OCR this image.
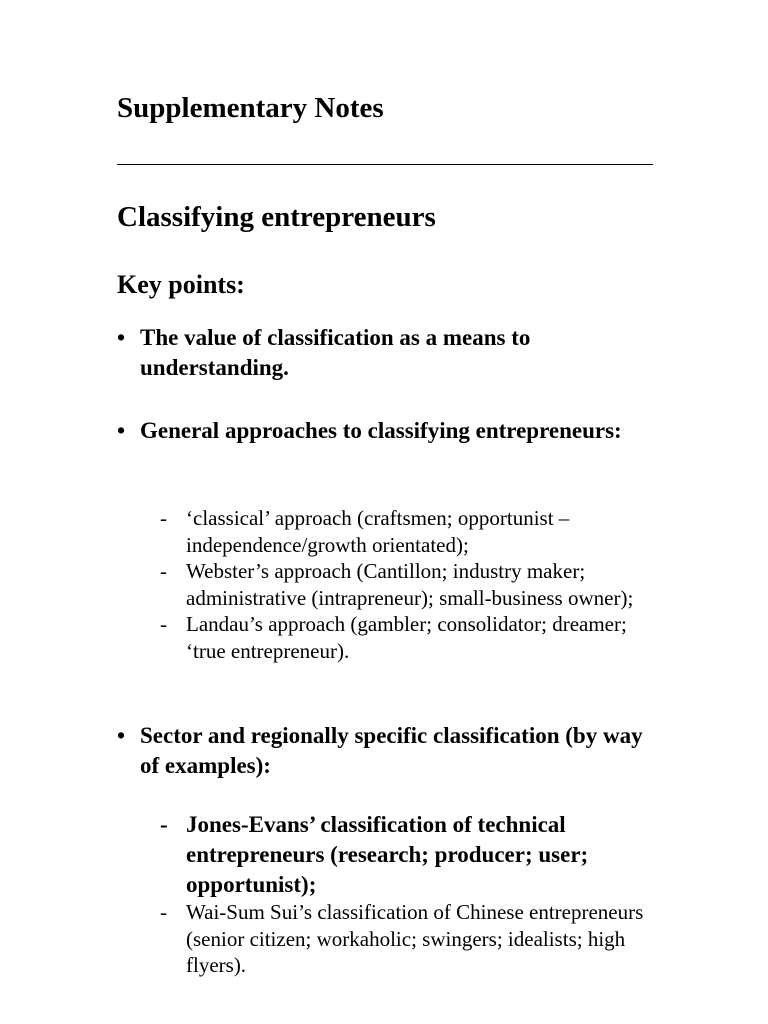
Supplementary Notes
Classifying entrepreneurs
Key points:
• The value of classification as a means to understanding.
• General approaches to classifying entrepreneurs:
- ‘classical’ approach (craftsmen; opportunist – independence/growth orientated);
- Webster’s approach (Cantillon; industry maker; administrative (intrapreneur); small-business owner);
- Landau’s approach (gambler; consolidator; dreamer; ‘true entrepreneur).
• Sector and regionally specific classification (by way of examples):
- Jones-Evans’ classification of technical entrepreneurs (research; producer; user; opportunist);
- Wai-Sum Sui’s classification of Chinese entrepreneurs (senior citizen; workaholic; swingers; idealists; high flyers).
